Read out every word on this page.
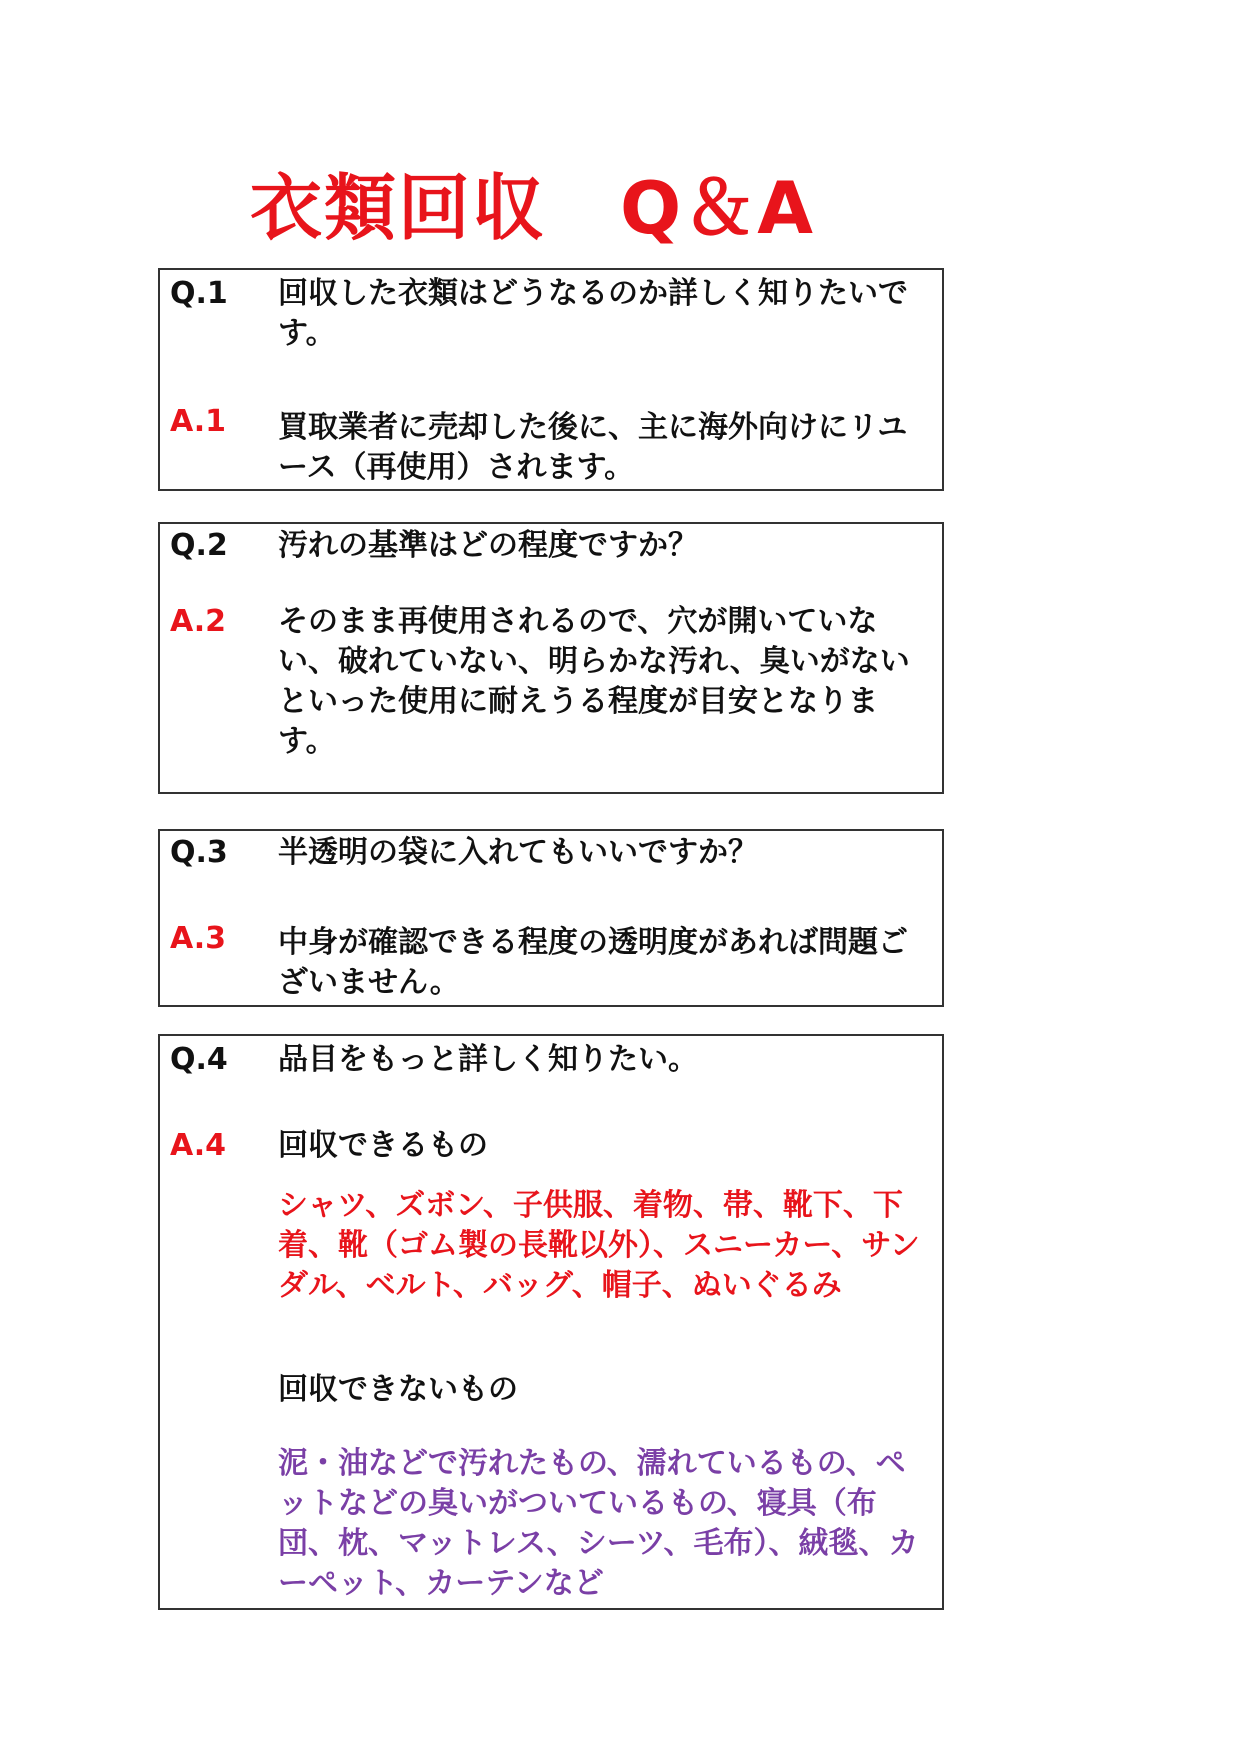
衣類回収　Q＆A
Q.1 回収した衣類はどうなるのか詳しく知りたいです。
A.1 買取業者に売却した後に、主に海外向けにリユース（再使用）されます。
Q.2 汚れの基準はどの程度ですか？
A.2 そのまま再使用されるので、穴が開いていない、破れていない、明らかな汚れ、臭いがないといった使用に耐えうる程度が目安となります。
Q.3 半透明の袋に入れてもいいですか？
A.3 中身が確認できる程度の透明度があれば問題ございません。
Q.4 品目をもっと詳しく知りたい。
A.4 回収できるもの
シャツ、ズボン、子供服、着物、帯、靴下、下着、靴（ゴム製の長靴以外）、スニーカー、サンダル、ベルト、バッグ、帽子、ぬいぐるみ
回収できないもの
泥・油などで汚れたもの、濡れているもの、ペットなどの臭いがついているもの、寝具（布団、枕、マットレス、シーツ、毛布）、絨毯、カーペット、カーテンなど
